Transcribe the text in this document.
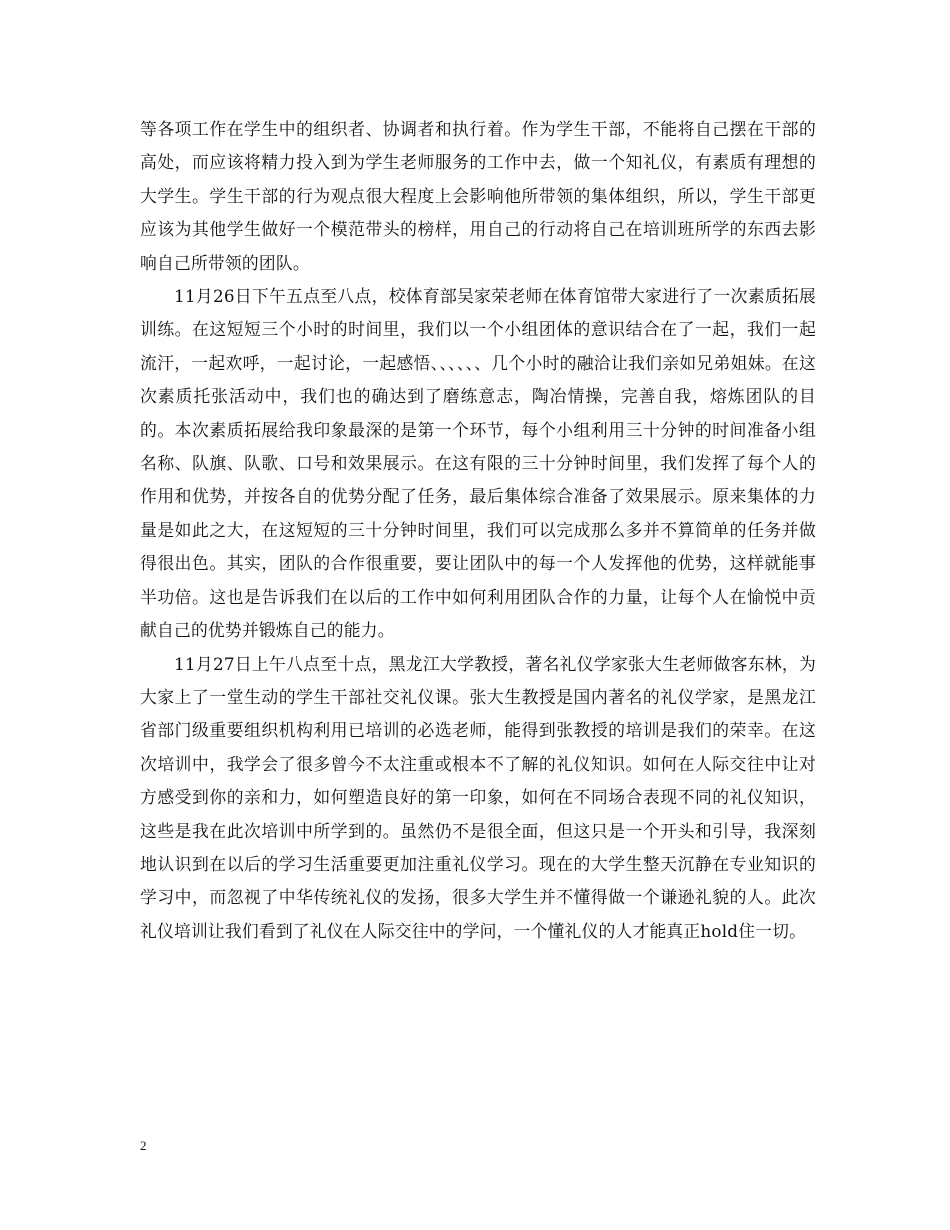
等各项工作在学生中的组织者、协调者和执行着。作为学生干部，不能将自己摆在干部的高处，而应该将精力投入到为学生老师服务的工作中去，做一个知礼仪，有素质有理想的大学生。学生干部的行为观点很大程度上会影响他所带领的集体组织，所以，学生干部更应该为其他学生做好一个模范带头的榜样，用自己的行动将自己在培训班所学的东西去影响自己所带领的团队。

11月26日下午五点至八点，校体育部吴家荣老师在体育馆带大家进行了一次素质拓展训练。在这短短三个小时的时间里，我们以一个小组团体的意识结合在了一起，我们一起流汗，一起欢呼，一起讨论，一起感悟、、、、、、几个小时的融洽让我们亲如兄弟姐妹。在这次素质托张活动中，我们也的确达到了磨练意志，陶冶情操，完善自我，熔炼团队的目的。本次素质拓展给我印象最深的是第一个环节，每个小组利用三十分钟的时间准备小组名称、队旗、队歌、口号和效果展示。在这有限的三十分钟时间里，我们发挥了每个人的作用和优势，并按各自的优势分配了任务，最后集体综合准备了效果展示。原来集体的力量是如此之大，在这短短的三十分钟时间里，我们可以完成那么多并不算简单的任务并做得很出色。其实，团队的合作很重要，要让团队中的每一个人发挥他的优势，这样就能事半功倍。这也是告诉我们在以后的工作中如何利用团队合作的力量，让每个人在愉悦中贡献自己的优势并锻炼自己的能力。

11月27日上午八点至十点，黑龙江大学教授，著名礼仪学家张大生老师做客东林，为大家上了一堂生动的学生干部社交礼仪课。张大生教授是国内著名的礼仪学家，是黑龙江省部门级重要组织机构利用已培训的必选老师，能得到张教授的培训是我们的荣幸。在这次培训中，我学会了很多曾今不太注重或根本不了解的礼仪知识。如何在人际交往中让对方感受到你的亲和力，如何塑造良好的第一印象，如何在不同场合表现不同的礼仪知识，这些是我在此次培训中所学到的。虽然仍不是很全面，但这只是一个开头和引导，我深刻地认识到在以后的学习生活重要更加注重礼仪学习。现在的大学生整天沉静在专业知识的学习中，而忽视了中华传统礼仪的发扬，很多大学生并不懂得做一个谦逊礼貌的人。此次礼仪培训让我们看到了礼仪在人际交往中的学问，一个懂礼仪的人才能真正hold住一切。

2
